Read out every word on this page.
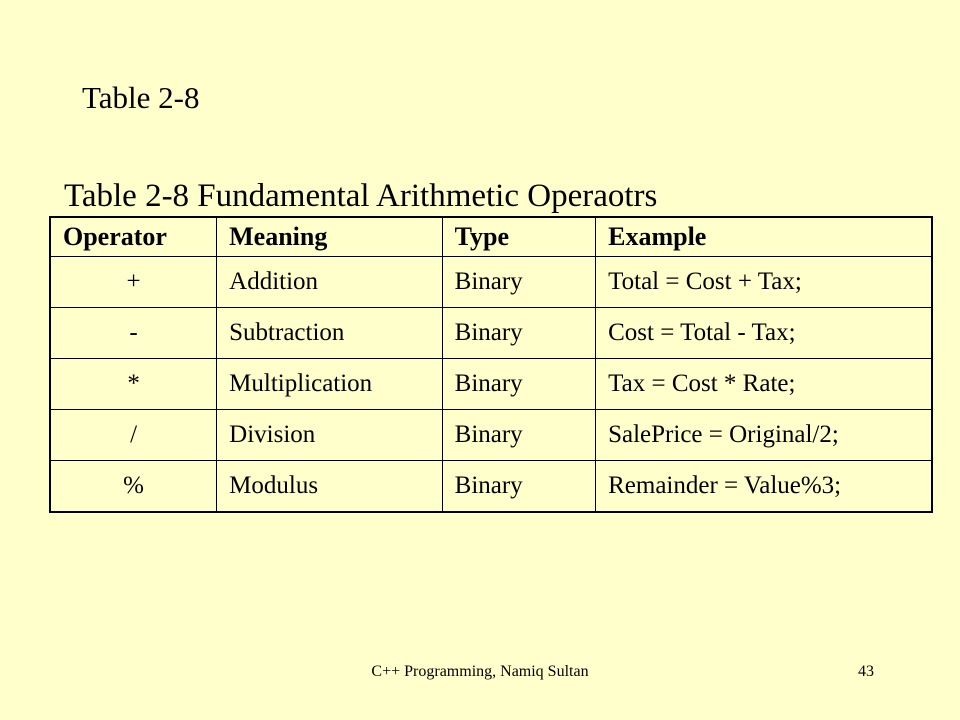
Table 2-8
Table 2-8 Fundamental Arithmetic Operaotrs
Operator	Meaning	Type	Example
+	Addition	Binary	Total = Cost + Tax;
-	Subtraction	Binary	Cost = Total - Tax;
*	Multiplication	Binary	Tax = Cost * Rate;
/	Division	Binary	SalePrice = Original/2;
%	Modulus	Binary	Remainder = Value%3;
C++ Programming, Namiq Sultan	43
